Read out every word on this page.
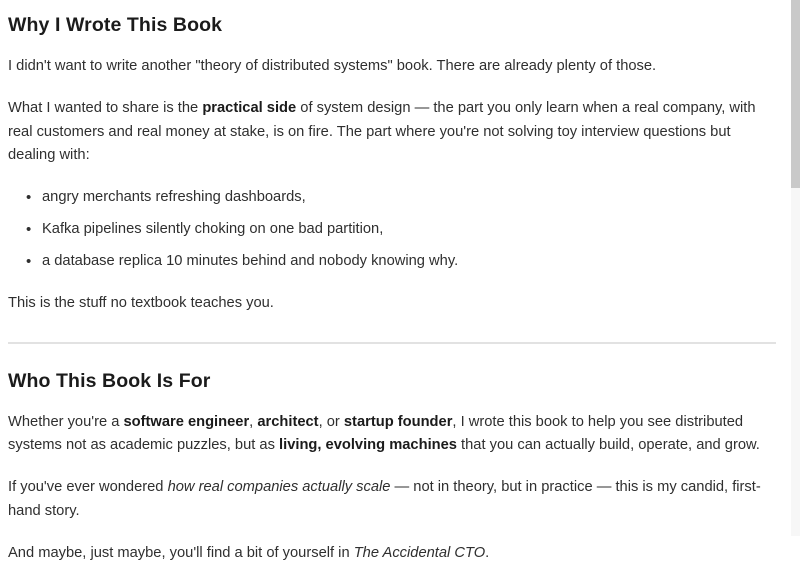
Why I Wrote This Book

I didn't want to write another "theory of distributed systems" book. There are already plenty of those.

What I wanted to share is the practical side of system design — the part you only learn when a real company, with real customers and real money at stake, is on fire. The part where you're not solving toy interview questions but dealing with:

• angry merchants refreshing dashboards,
• Kafka pipelines silently choking on one bad partition,
• a database replica 10 minutes behind and nobody knowing why.

This is the stuff no textbook teaches you.

Who This Book Is For

Whether you're a software engineer, architect, or startup founder, I wrote this book to help you see distributed systems not as academic puzzles, but as living, evolving machines that you can actually build, operate, and grow.

If you've ever wondered how real companies actually scale — not in theory, but in practice — this is my candid, first-hand story.

And maybe, just maybe, you'll find a bit of yourself in The Accidental CTO.
